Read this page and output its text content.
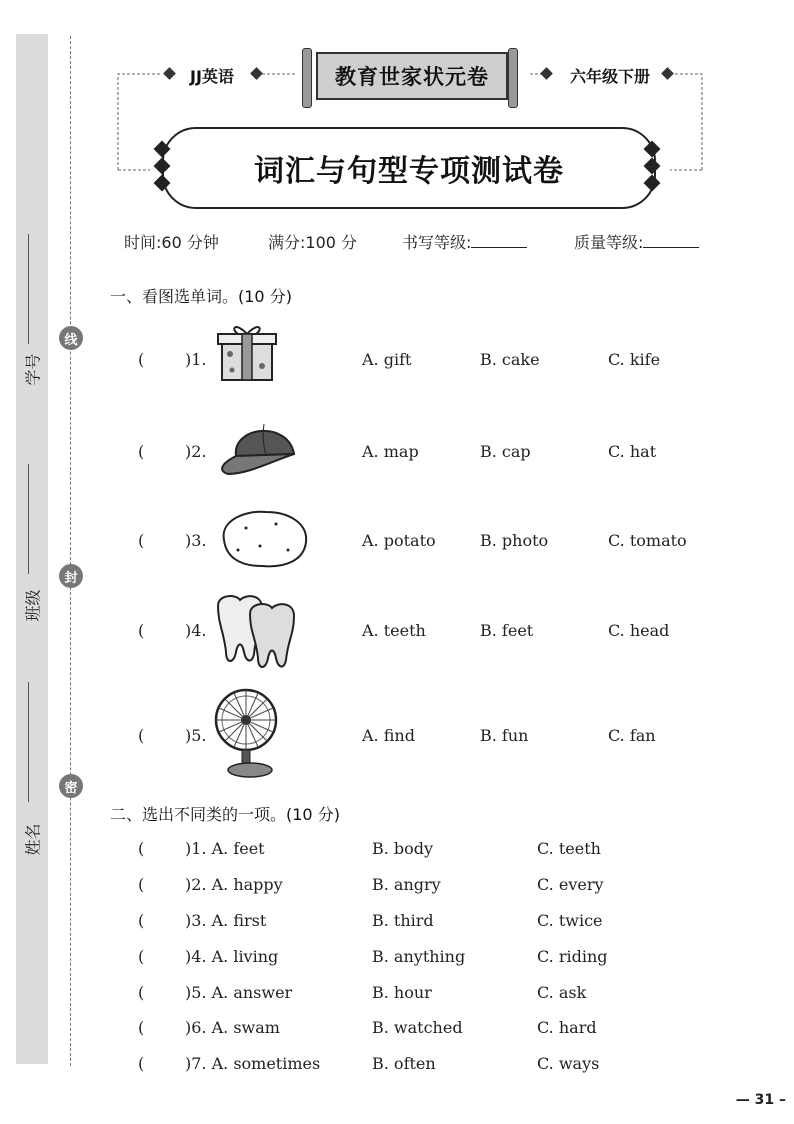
学号
班级
姓名
线
封
密
JJ英语	教育世家状元卷	六年级下册
词汇与句型专项测试卷
时间:60 分钟	满分:100 分	书写等级:	质量等级:
一、看图选单词。(10 分)
(	)1.	A. gift	B. cake	C. kife
(	)2.	A. map	B. cap	C. hat
(	)3.	A. potato	B. photo	C. tomato
(	)4.	A. teeth	B. feet	C. head
(	)5.	A. find	B. fun	C. fan
二、选出不同类的一项。(10 分)
(	)1. A. feet	B. body	C. teeth
(	)2. A. happy	B. angry	C. every
(	)3. A. first	B. third	C. twice
(	)4. A. living	B. anything	C. riding
(	)5. A. answer	B. hour	C. ask
(	)6. A. swam	B. watched	C. hard
(	)7. A. sometimes	B. often	C. ways
— 31 –
